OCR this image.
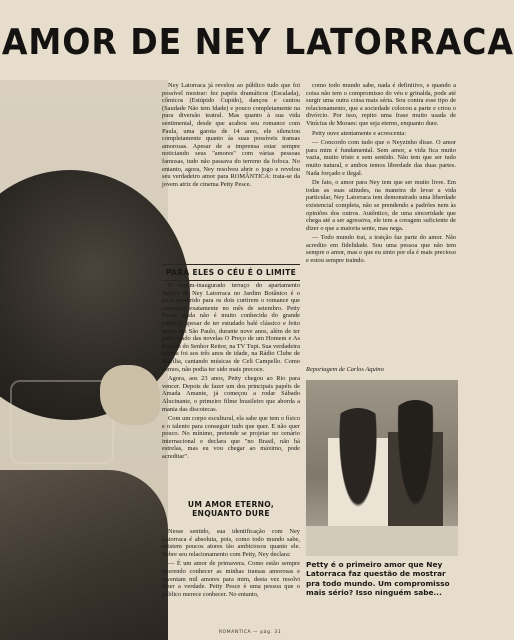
AMOR DE NEY LATORRACA

Ney Latorraca já revelou ao público tudo que foi possível mostrar: fez papéis dramáticos (Escalada), cômicos (Estúpido Cupido), dançou e cantou (Saudade Não tem Idade) e pouco completamente na pura diversão teatral. Mas quanto à sua vida sentimental, desde que acabou seu romance com Paula, uma garota de 14 anos, ele silenciou completamente quanto às suas possíveis transas amorosas. Apesar de a imprensa estar sempre noticiando seus "amores" com várias pessoas famosas, tudo não passava do terreno da fofoca. No entanto, agora, Ney resolveu abrir o jogo e revelou seu verdadeiro amor para ROMÂNTICA: trata-se da jovem atriz de cinema Petty Pesce.

PARA ELES O CÉU É O LIMITE

O recém-inaugurado terraço do apartamento duplex de Ney Latorraca no Jardim Botânico é o local preferido para os dois curtirem o romance que começou exatamente no mês de setembro. Petty Pesce ainda não é muito conhecida do grande público, apesar de ter estudado balé clássico e feito teatro em São Paulo, durante nove anos, além de ter participado das novelas O Preço de um Homem e As Pupilas do Senhor Reitor, na TV Tupi. Sua verdadeira estréia foi aos três anos de idade, na Rádio Clube de Marília, cantando músicas de Celi Campello. Como vemos, não podia ter sido mais precoce.

Agora, aos 23 anos, Petty chegou ao Rio para vencer. Depois de fazer um dos principais papéis de Amada Amante, já começou a rodar Sábado Alucinante, o primeiro filme brasileiro que aborda a mania das discotecas.

Com um corpo escultural, ela sabe que tem o físico e o talento para conseguir tudo que quer. E não quer pouco. No mínimo, pretende se projetar no cenário internacional e declara que "no Brasil, não há estrelas, mas eu vou chegar ao máximo, pode acreditar".

UM AMOR ETERNO, ENQUANTO DURE

Nesse sentido, sua identificação com Ney Latorraca é absoluta, pois, como todo mundo sabe, existem poucos atores tão ambiciosos quanto ele. Sobre seu relacionamento com Petty, Ney declara:

— É um amor de primavera. Como estão sempre querendo conhecer as minhas transas amorosas e inventam mil amores para mim, desta vez resolvi dizer a verdade. Petty Pesce é uma pessoa que o público merece conhecer. No entanto,

como todo mundo sabe, nada é definitivo, e quando a coisa não tem o compromisso do véu e grinalda, pode até surgir uma outra coisa mais séria. Sou contra esse tipo de relacionamento, que a sociedade colocou a parte e criou o divórcio. Por isso, repito uma frase muito usada de Vinícius de Moraes: que seja eterno, enquanto dure.

Petty ouve atentamente e acrescenta:

— Concordo com tudo que o Neyzinho disse. O amor para mim é fundamental. Sem amor, a vida fica muito vazia, muito triste e sem sentido. Não tem que ser tudo muito natural, e ambos temos liberdade das duas partes. Nada forçado e ilegal.

De fato, o amor para Ney tem que ser muito livre. Em todas as suas atitudes, na maneira de levar a vida particular, Ney Latorraca tem demonstrado uma liberdade existencial completa, não se prendendo a padrões nem às opiniões dos outros. Autêntico, de uma sinceridade que chega até a ser agressiva, ele tem a coragem suficiente de dizer o que a maioria sente, mas nega.

— Todo mundo trai, a traição faz parte do amor. Não acredito em fidelidade. Sou uma pessoa que não tem sempre o amor, mas o que eu sinto por ela é mais precioso e estou sempre traindo.

Reportagem de Carlos Aquino
Petty é o primeiro amor que Ney Latorraca faz questão de mostrar pra todo mundo. Um compromisso mais sério? Isso ninguém sabe...
ROMANTICA — pág. 31
